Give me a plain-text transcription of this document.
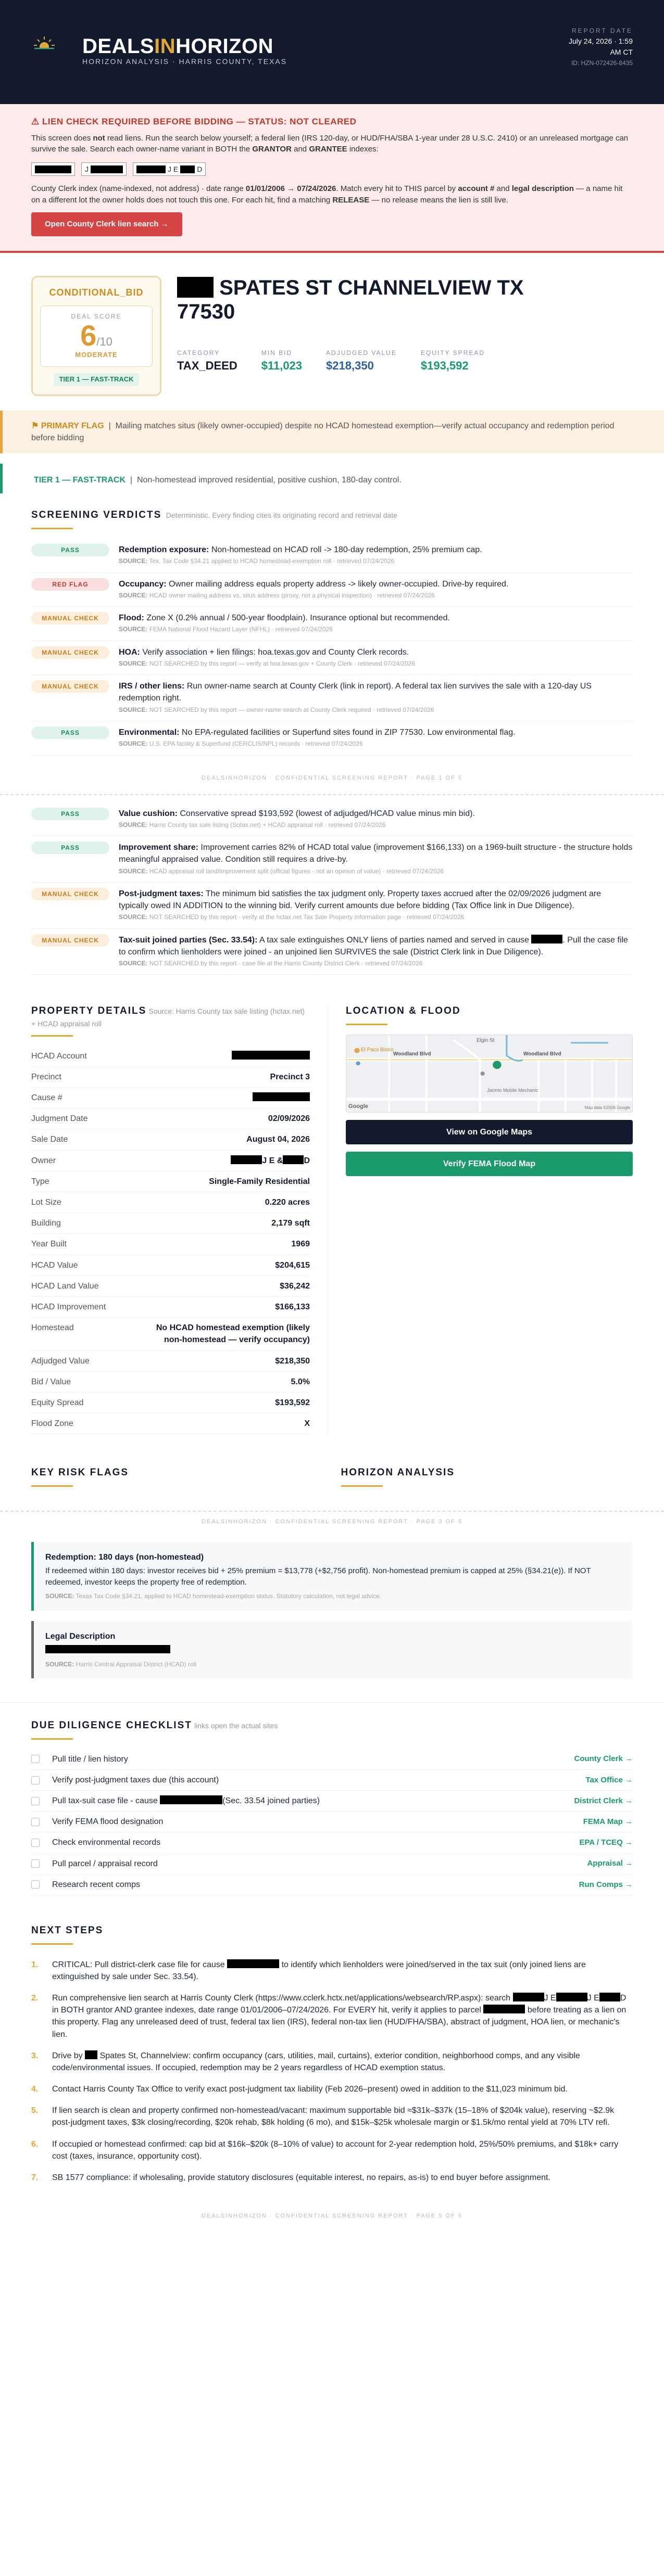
DEALSINHORIZON
HORIZON ANALYSIS · HARRIS COUNTY, TEXAS
REPORT DATE
July 24, 2026 · 1:59
AM CT
ID: HZN-072426-8435
⚠ LIEN CHECK REQUIRED BEFORE BIDDING — STATUS: NOT CLEARED

This screen does not read liens. Run the search below yourself; a federal lien (IRS 120-day, or HUD/FHA/SBA 1-year under 28 U.S.C. 2410) or an unreleased mortgage can survive the sale. Search each owner-name variant in BOTH the GRANTOR and GRANTEE indexes:

J	J E	D

County Clerk index (name-indexed, not address) · date range 01/01/2006 → 07/24/2026. Match every hit to THIS parcel by account # and legal description — a name hit on a different lot the owner holds does not touch this one. For each hit, find a matching RELEASE — no release means the lien is still live.

Open County Clerk lien search →
CONDITIONAL_BID
DEAL SCORE
6/10
MODERATE
TIER 1 — FAST-TRACK
SPATES ST CHANNELVIEW TX
77530
CATEGORY
TAX_DEED
MIN BID
$11,023
ADJUDGED VALUE
$218,350
EQUITY SPREAD
$193,592
⚑ PRIMARY FLAG  |  Mailing matches situs (likely owner-occupied) despite no HCAD homestead exemption—verify actual occupancy and redemption period before bidding
TIER 1 — FAST-TRACK  |  Non-homestead improved residential, positive cushion, 180-day control.
SCREENING VERDICTS Deterministic. Every finding cites its originating record and retrieval date
PASS	Redemption exposure: Non-homestead on HCAD roll -> 180-day redemption, 25% premium cap.
SOURCE: Tex. Tax Code §34.21 applied to HCAD homestead-exemption roll · retrieved 07/24/2026
RED FLAG	Occupancy: Owner mailing address equals property address -> likely owner-occupied. Drive-by required.
SOURCE: HCAD owner mailing address vs. situs address (proxy, not a physical inspection) · retrieved 07/24/2026
MANUAL CHECK	Flood: Zone X (0.2% annual / 500-year floodplain). Insurance optional but recommended.
SOURCE: FEMA National Flood Hazard Layer (NFHL) · retrieved 07/24/2026
MANUAL CHECK	HOA: Verify association + lien filings: hoa.texas.gov and County Clerk records.
SOURCE: NOT SEARCHED by this report — verify at hoa.texas.gov + County Clerk · retrieved 07/24/2026
MANUAL CHECK	IRS / other liens: Run owner-name search at County Clerk (link in report). A federal tax lien survives the sale with a 120-day US redemption right.
SOURCE: NOT SEARCHED by this report — owner-name search at County Clerk required · retrieved 07/24/2026
PASS	Environmental: No EPA-regulated facilities or Superfund sites found in ZIP 77530. Low environmental flag.
SOURCE: U.S. EPA facility & Superfund (CERCLIS/NPL) records · retrieved 07/24/2026
DEALSINHORIZON · CONFIDENTIAL SCREENING REPORT · PAGE 1 OF 5
PASS	Value cushion: Conservative spread $193,592 (lowest of adjudged/HCAD value minus min bid).
SOURCE: Harris County tax sale listing (Sotax.net) + HCAD appraisal roll · retrieved 07/24/2026
PASS	Improvement share: Improvement carries 82% of HCAD total value (improvement $166,133) on a 1969-built structure - the structure holds meaningful appraised value. Condition still requires a drive-by.
SOURCE: HCAD appraisal roll land/improvement split (official figures - not an opinion of value) · retrieved 07/24/2026
MANUAL CHECK	Post-judgment taxes: The minimum bid satisfies the tax judgment only. Property taxes accrued after the 02/09/2026 judgment are typically owed IN ADDITION to the winning bid. Verify current amounts due before bidding (Tax Office link in Due Diligence).
SOURCE: NOT SEARCHED by this report - verify at the hctax.net Tax Sale Property Information page · retrieved 07/24/2026
MANUAL CHECK	Tax-suit joined parties (Sec. 33.54): A tax sale extinguishes ONLY liens of parties named and served in cause	. Pull the case file to confirm which lienholders were joined - an unjoined lien SURVIVES the sale (District Clerk link in Due Diligence).
SOURCE: NOT SEARCHED by this report - case file at the Harris County District Clerk · retrieved 07/24/2026
PROPERTY DETAILS Source: Harris County tax sale listing (hctax.net) + HCAD appraisal roll
HCAD Account	
Precinct	Precinct 3
Cause #	
Judgment Date	02/09/2026
Sale Date	August 04, 2026
Owner	J E & D
Type	Single-Family Residential
Lot Size	0.220 acres
Building	2,179 sqft
Year Built	1969
HCAD Value	$204,615
HCAD Land Value	$36,242
HCAD Improvement	$166,133
Homestead	No HCAD homestead exemption (likely non-homestead — verify occupancy)
Adjudged Value	$218,350
Bid / Value	5.0%
Equity Spread	$193,592
Flood Zone	X
LOCATION & FLOOD
Elgin St
Woodland Blvd	Woodland Blvd
El Paco Bistro
Jacinto Mobile Mechanic
Map data ©2026 Google
Google
View on Google Maps
Verify FEMA Flood Map
KEY RISK FLAGS	HORIZON ANALYSIS
DEALSINHORIZON · CONFIDENTIAL SCREENING REPORT · PAGE 3 OF 5
Redemption: 180 days (non-homestead)
If redeemed within 180 days: investor receives bid + 25% premium = $13,778 (+$2,756 profit). Non-homestead premium is capped at 25% (§34.21(e)). If NOT redeemed, investor keeps the property free of redemption.
SOURCE: Texas Tax Code §34.21, applied to HCAD homestead-exemption status. Statutory calculation, not legal advice.
Legal Description
SOURCE: Harris Central Appraisal District (HCAD) roll
DUE DILIGENCE CHECKLIST links open the actual sites
Pull title / lien history	County Clerk →
Verify post-judgment taxes due (this account)	Tax Office →
Pull tax-suit case file - cause	(Sec. 33.54 joined parties)	District Clerk →
Verify FEMA flood designation	FEMA Map →
Check environmental records	EPA / TCEQ →
Pull parcel / appraisal record	Appraisal →
Research recent comps	Run Comps →
NEXT STEPS
1. CRITICAL: Pull district-clerk case file for cause	to identify which lienholders were joined/served in the tax suit (only joined liens are extinguished by sale under Sec. 33.54).
2. Run comprehensive lien search at Harris County Clerk (https://www.cclerk.hctx.net/applications/websearch/RP.aspx): search	J E	J E	D in BOTH grantor AND grantee indexes, date range 01/01/2006–07/24/2026. For EVERY hit, verify it applies to parcel	before treating as a lien on this property. Flag any unreleased deed of trust, federal tax lien (IRS), federal non-tax lien (HUD/FHA/SBA), abstract of judgment, HOA lien, or mechanic's lien.
3. Drive by Spates St, Channelview: confirm occupancy (cars, utilities, mail, curtains), exterior condition, neighborhood comps, and any visible code/environmental issues. If occupied, redemption may be 2 years regardless of HCAD exemption status.
4. Contact Harris County Tax Office to verify exact post-judgment tax liability (Feb 2026–present) owed in addition to the $11,023 minimum bid.
5. If lien search is clean and property confirmed non-homestead/vacant: maximum supportable bid ≈$31k–$37k (15–18% of $204k value), reserving ~$2.9k post-judgment taxes, $3k closing/recording, $20k rehab, $8k holding (6 mo), and $15k–$25k wholesale margin or $1.5k/mo rental yield at 70% LTV refi.
6. If occupied or homestead confirmed: cap bid at $16k–$20k (8–10% of value) to account for 2-year redemption hold, 25%/50% premiums, and $18k+ carry cost (taxes, insurance, opportunity cost).
7. SB 1577 compliance: if wholesaling, provide statutory disclosures (equitable interest, no repairs, as-is) to end buyer before assignment.
DEALSINHORIZON · CONFIDENTIAL SCREENING REPORT · PAGE 5 OF 5
